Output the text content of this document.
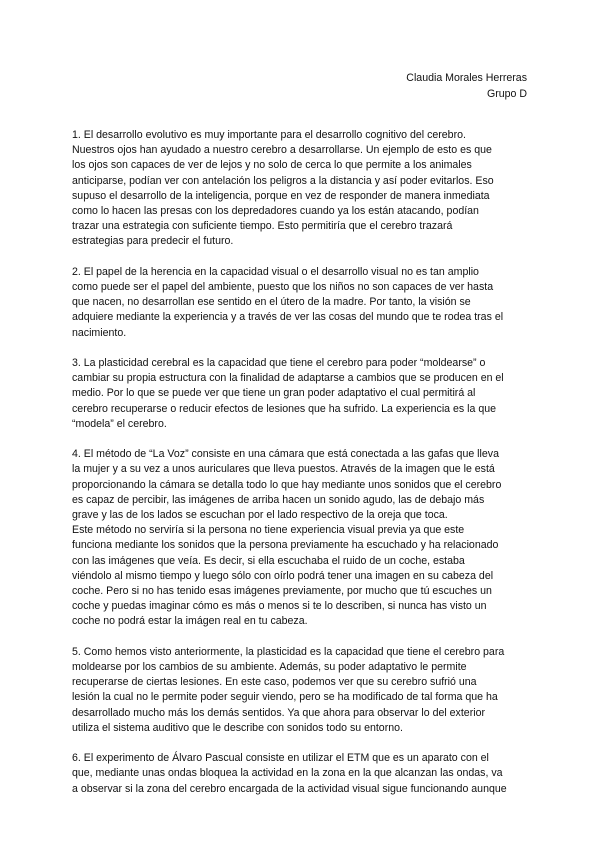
Claudia Morales Herreras
Grupo D

1. El desarrollo evolutivo es muy importante para el desarrollo cognitivo del cerebro.
Nuestros ojos han ayudado a nuestro cerebro a desarrollarse. Un ejemplo de esto es que
los ojos son capaces de ver de lejos y no solo de cerca lo que permite a los animales
anticiparse, podían ver con antelación los peligros a la distancia y así poder evitarlos. Eso
supuso el desarrollo de la inteligencia, porque en vez de responder de manera inmediata
como lo hacen las presas con los depredadores cuando ya los están atacando, podían
trazar una estrategia con suficiente tiempo. Esto permitiría que el cerebro trazará
estrategias para predecir el futuro.

2. El papel de la herencia en la capacidad visual o el desarrollo visual no es tan amplio
como puede ser el papel del ambiente, puesto que los niños no son capaces de ver hasta
que nacen, no desarrollan ese sentido en el útero de la madre. Por tanto, la visión se
adquiere mediante la experiencia y a través de ver las cosas del mundo que te rodea tras el
nacimiento.

3. La plasticidad cerebral es la capacidad que tiene el cerebro para poder “moldearse” o
cambiar su propia estructura con la finalidad de adaptarse a cambios que se producen en el
medio. Por lo que se puede ver que tiene un gran poder adaptativo el cual permitirá al
cerebro recuperarse o reducir efectos de lesiones que ha sufrido. La experiencia es la que
“modela” el cerebro.

4. El método de “La Voz” consiste en una cámara que está conectada a las gafas que lleva
la mujer y a su vez a unos auriculares que lleva puestos. Através de la imagen que le está
proporcionando la cámara se detalla todo lo que hay mediante unos sonidos que el cerebro
es capaz de percibir, las imágenes de arriba hacen un sonido agudo, las de debajo más
grave y las de los lados se escuchan por el lado respectivo de la oreja que toca.
Este método no serviría si la persona no tiene experiencia visual previa ya que este
funciona mediante los sonidos que la persona previamente ha escuchado y ha relacionado
con las imágenes que veía. Es decir, si ella escuchaba el ruido de un coche, estaba
viéndolo al mismo tiempo y luego sólo con oírlo podrá tener una imagen en su cabeza del
coche. Pero si no has tenido esas imágenes previamente, por mucho que tú escuches un
coche y puedas imaginar cómo es más o menos si te lo describen, si nunca has visto un
coche no podrá estar la imágen real en tu cabeza.

5. Como hemos visto anteriormente, la plasticidad es la capacidad que tiene el cerebro para
moldearse por los cambios de su ambiente. Además, su poder adaptativo le permite
recuperarse de ciertas lesiones. En este caso, podemos ver que su cerebro sufrió una
lesión la cual no le permite poder seguir viendo, pero se ha modificado de tal forma que ha
desarrollado mucho más los demás sentidos. Ya que ahora para observar lo del exterior
utiliza el sistema auditivo que le describe con sonidos todo su entorno.

6. El experimento de Álvaro Pascual consiste en utilizar el ETM que es un aparato con el
que, mediante unas ondas bloquea la actividad en la zona en la que alcanzan las ondas, va
a observar si la zona del cerebro encargada de la actividad visual sigue funcionando aunque
